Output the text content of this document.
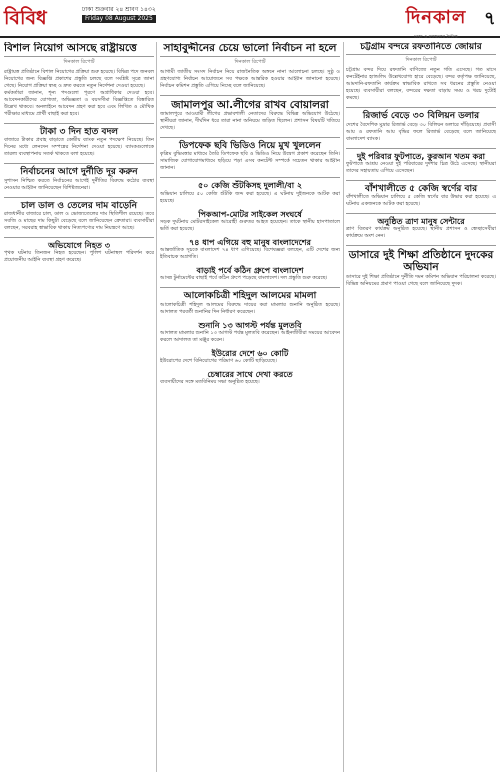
বিবিধ	ঢাকা শুক্রবার ২৪ শ্রাবণ ১৪৩২
Friday 08 August 2025	দিনকাল
ঢাকা ও মফস্বলের দৈনিক
৭
বিশাল নিয়োগ আসছে রাষ্ট্রায়ত্তে
দিনকাল রিপোর্ট

রাষ্ট্রায়ত্ত প্রতিষ্ঠানে বিশাল নিয়োগের প্রক্রিয়া শুরু হয়েছে। বিভিন্ন পদে জনবল নিয়োগের জন্য বিজ্ঞপ্তি প্রকাশের প্রস্তুতি চলছে বলে সংশ্লিষ্ট সূত্রে জানা গেছে। নিয়োগ প্রক্রিয়া স্বচ্ছ ও দ্রুত করতে নতুন নির্দেশনা দেওয়া হয়েছে।

কর্মকর্তারা জানান, শূন্য পদগুলো পূরণে অগ্রাধিকার দেওয়া হবে। আবেদনকারীদের যোগ্যতা, অভিজ্ঞতা ও বয়সসীমা বিজ্ঞপ্তিতে বিস্তারিত উল্লেখ থাকবে। অনলাইনে আবেদন গ্রহণ করা হবে এবং লিখিত ও মৌখিক পরীক্ষার মাধ্যমে প্রার্থী বাছাই করা হবে।

টাকা ৩ দিন হাত বদল

বাজারে টাকার প্রবাহ বাড়াতে কেন্দ্রীয় ব্যাংক নতুন পদক্ষেপ নিয়েছে। তিন দিনের মধ্যে লেনদেন সম্পন্নের নির্দেশনা দেওয়া হয়েছে। ব্যাংকগুলোকে তারল্য ব্যবস্থাপনায় সতর্ক থাকতে বলা হয়েছে।

নির্বাচনের আগে দুর্নীতি দূর করুন

সুশাসন নিশ্চিত করতে নির্বাচনের আগেই দুর্নীতির বিরুদ্ধে কঠোর ব্যবস্থা নেওয়ার আহ্বান জানিয়েছেন বিশিষ্টজনেরা।

চাল ডাল ও তেলের দাম বাড়েনি

রাজধানীর বাজারে চাল, ডাল ও ভোজ্যতেলের দাম স্থিতিশীল রয়েছে। তবে সবজি ও মাছের দাম কিছুটা বেড়েছে বলে জানিয়েছেন ক্রেতারা। ব্যবসায়ীরা বলছেন, সরবরাহ স্বাভাবিক থাকায় নিত্যপণ্যের দাম নিয়ন্ত্রণে আছে।

অভিযোগে নিহত ৩

পৃথক ঘটনায় তিনজন নিহত হয়েছেন। পুলিশ ঘটনাস্থল পরিদর্শন করে প্রয়োজনীয় আইনি ব্যবস্থা গ্রহণ করেছে।

সাহাবুদ্দীনের চেয়ে ভালো নির্বাচন না হলে
দিনকাল রিপোর্ট

আগামী জাতীয় সংসদ নির্বাচন নিয়ে রাজনৈতিক অঙ্গনে নানা আলোচনা চলছে। সুষ্ঠু ও গ্রহণযোগ্য নির্বাচন আয়োজনে সব পক্ষকে আন্তরিক হওয়ার আহ্বান জানানো হয়েছে। নির্বাচন কমিশন প্রস্তুতি এগিয়ে নিচ্ছে বলে জানিয়েছে।

জামালপুর আ.লীগের রাখব বোয়ালরা

জামালপুরে আওয়ামী লীগের প্রভাবশালী নেতাদের বিরুদ্ধে বিভিন্ন অভিযোগ উঠেছে। স্থানীয়রা জানান, দীর্ঘদিন ধরে তারা নানা অনিয়মে জড়িত ছিলেন। প্রশাসন বিষয়টি খতিয়ে দেখছে।

ডিপফেক ছবি ভিডিও নিয়ে মুখ খুললেন

কৃত্রিম বুদ্ধিমত্তার মাধ্যমে তৈরি ডিপফেক ছবি ও ভিডিও নিয়ে উদ্বেগ প্রকাশ করেছেন তিনি। সামাজিক যোগাযোগমাধ্যমে ছড়িয়ে পড়া এসব কনটেন্ট সম্পর্কে সচেতন থাকার আহ্বান জানান।

৫০ কেজি শুঁটকিসহ দুলালী/বা ২

অভিযান চালিয়ে ৫০ কেজি শুঁটকি জব্দ করা হয়েছে। এ ঘটনায় দুইজনকে আটক করা হয়েছে।

পিকআপ-মোটর সাইকেল সংঘর্ষে

সড়ক দুর্ঘটনায় মোটরসাইকেল আরোহী গুরুতর আহত হয়েছেন। তাকে স্থানীয় হাসপাতালে ভর্তি করা হয়েছে।

৭৪ ধাপ এগিয়ে বহু মানুষ বাংলাদেশের

আন্তর্জাতিক সূচকে বাংলাদেশ ৭৪ ধাপ এগিয়েছে। বিশেষজ্ঞরা বলছেন, এটি দেশের জন্য ইতিবাচক অগ্রগতি।

বাড়াই পর্বে কঠিন গ্রুপে বাংলাদেশ

আসন্ন টুর্নামেন্টের বাছাই পর্বে কঠিন গ্রুপে পড়েছে বাংলাদেশ। দল প্রস্তুতি শুরু করেছে।

আলোকচিত্রী শহিদুল আলমের মামলা

আলোকচিত্রী শহিদুল আলমের বিরুদ্ধে দায়ের করা মামলার শুনানি অনুষ্ঠিত হয়েছে। আদালত পরবর্তী শুনানির দিন নির্ধারণ করেছেন।

শুনানি ১৩ আগস্ট পর্যন্ত মুলতবি

আদালত মামলার শুনানি ১৩ আগস্ট পর্যন্ত মুলতবি করেছেন। আইনজীবীরা সময়ের আবেদন করলে আদালত তা মঞ্জুর করেন।

ইউরোর দেশে ৬০ কোটি

ইউরোপের দেশে বিনিয়োগের পরিমাণ ৬০ কোটি ছাড়িয়েছে।

চেম্বারের সাথে দেখা করতে

ব্যবসায়ীদের সঙ্গে মতবিনিময় সভা অনুষ্ঠিত হয়েছে।

চট্টগ্রাম বন্দরে রফতানিতে জোয়ার
দিনকাল রিপোর্ট

চট্টগ্রাম বন্দর দিয়ে রফতানি বাণিজ্যে নতুন গতি এসেছে। গত মাসে কনটেইনার হ্যান্ডলিং উল্লেখযোগ্য হারে বেড়েছে। বন্দর কর্তৃপক্ষ জানিয়েছে, আমদানি-রফতানি কার্যক্রম স্বাভাবিক রাখতে সব ধরনের প্রস্তুতি নেওয়া হয়েছে। ব্যবসায়ীরা বলছেন, বন্দরের দক্ষতা বাড়ায় সময় ও খরচ দুটোই কমছে।

রিজার্ভ বেড়ে ৩০ বিলিয়ন ডলার

দেশের বৈদেশিক মুদ্রার রিজার্ভ বেড়ে ৩০ বিলিয়ন ডলারে দাঁড়িয়েছে। প্রবাসী আয় ও রফতানি আয় বৃদ্ধির ফলে রিজার্ভ বেড়েছে বলে জানিয়েছে বাংলাদেশ ব্যাংক।

দুই পরিবার ফুটপাতে, কুরআন খতম করা

ফুটপাতে আশ্রয় নেওয়া দুই পরিবারের দুর্দশার চিত্র উঠে এসেছে। স্থানীয়রা তাদের সহায়তায় এগিয়ে এসেছেন।

বাঁশখালীতে ৫ কেজি স্বর্ণের বার

বাঁশখালীতে অভিযান চালিয়ে ৫ কেজি স্বর্ণের বার উদ্ধার করা হয়েছে। এ ঘটনায় একজনকে আটক করা হয়েছে।

অনুষ্ঠিত ত্রাণ মানুষ সেন্টারে

ত্রাণ বিতরণ কার্যক্রম অনুষ্ঠিত হয়েছে। স্থানীয় প্রশাসন ও স্বেচ্ছাসেবীরা কার্যক্রমে অংশ নেন।

ডাসারে দুই শিক্ষা প্রতিষ্ঠানে দুদকের অভিযান

ডাসারে দুই শিক্ষা প্রতিষ্ঠানে দুর্নীতি দমন কমিশন অভিযান পরিচালনা করেছে। বিভিন্ন অনিয়মের প্রমাণ পাওয়া গেছে বলে জানিয়েছে দুদক।
